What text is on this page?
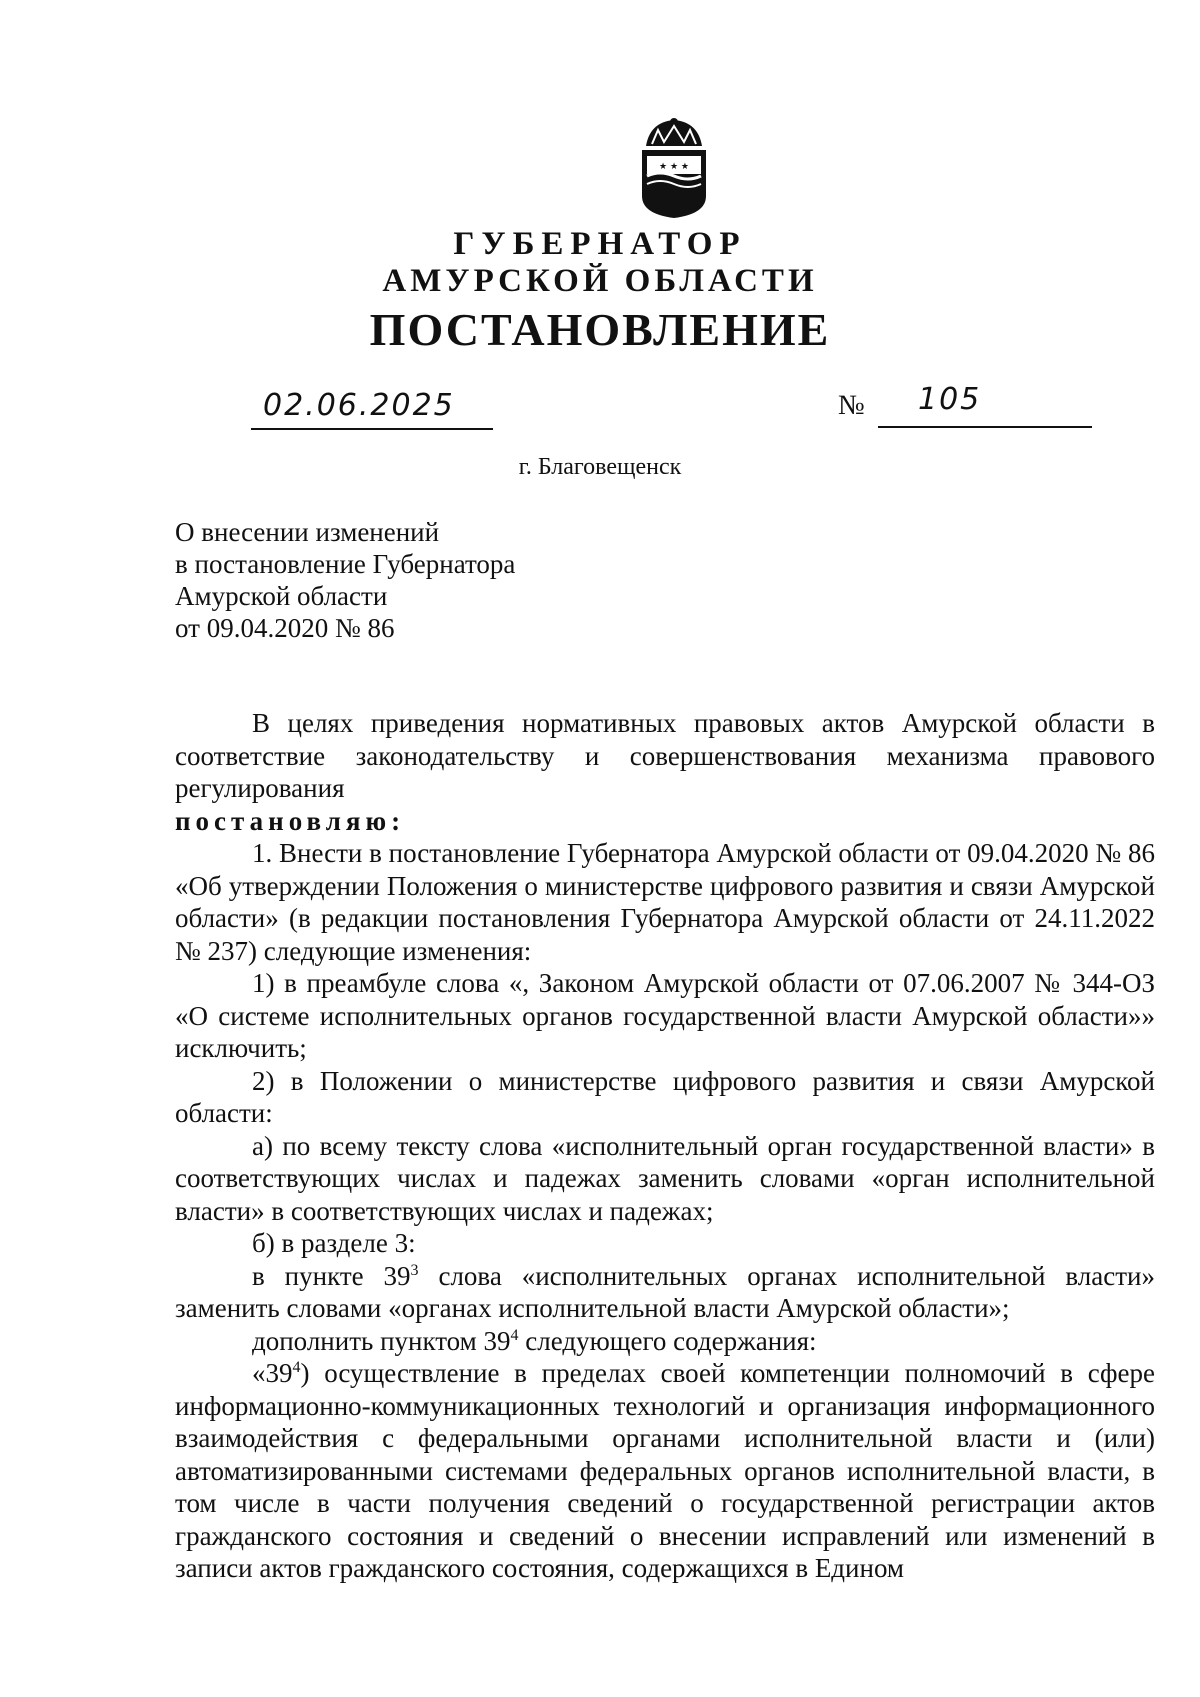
★ ★ ★
ГУБЕРНАТОР
АМУРСКОЙ ОБЛАСТИ
ПОСТАНОВЛЕНИЕ
02.06.2025	№ 105
г. Благовещенск
О внесении изменений
в постановление Губернатора
Амурской области
от 09.04.2020 № 86

В целях приведения нормативных правовых актов Амурской области в соответствие законодательству и совершенствования механизма правового регулирования

постановляю:

1. Внести в постановление Губернатора Амурской области от 09.04.2020 № 86 «Об утверждении Положения о министерстве цифрового развития и связи Амурской области» (в редакции постановления Губернатора Амурской области от 24.11.2022 № 237) следующие изменения:

1) в преамбуле слова «, Законом Амурской области от 07.06.2007 № 344-ОЗ «О системе исполнительных органов государственной власти Амурской области»» исключить;

2) в Положении о министерстве цифрового развития и связи Амурской области:

а) по всему тексту слова «исполнительный орган государственной власти» в соответствующих числах и падежах заменить словами «орган исполнительной власти» в соответствующих числах и падежах;

б) в разделе 3:

в пункте $39^3$ слова «исполнительных органах исполнительной власти» заменить словами «органах исполнительной власти Амурской области»;

дополнить пунктом $39^4$ следующего содержания:

«$39^4$) осуществление в пределах своей компетенции полномочий в сфере информационно-коммуникационных технологий и организация информационного взаимодействия с федеральными органами исполнительной власти и (или) автоматизированными системами федеральных органов исполнительной власти, в том числе в части получения сведений о государственной регистрации актов гражданского состояния и сведений о внесении исправлений или изменений в записи актов гражданского состояния, содержащихся в Едином
